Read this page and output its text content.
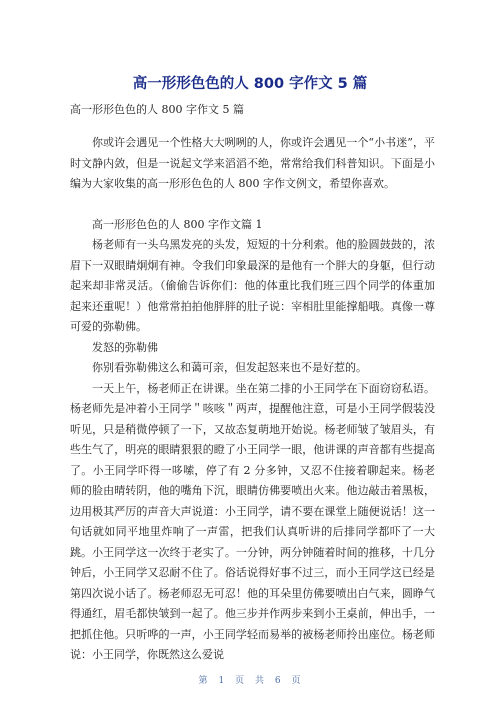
高一形形色色的人 800 字作文 5 篇
高一形形色色的人 800 字作文 5 篇

你或许会遇见一个性格大大咧咧的人，你或许会遇见一个“小书迷”，平时文静内敛，但是一说起文学来滔滔不绝，常常给我们科普知识。下面是小编为大家收集的高一形形色色的人 800 字作文例文，希望你喜欢。

高一形形色色的人 800 字作文篇 1

杨老师有一头乌黑发亮的头发，短短的十分利索。他的脸圆鼓鼓的，浓眉下一双眼睛炯炯有神。令我们印象最深的是他有一个胖大的身躯，但行动起来却非常灵活。（偷偷告诉你们：他的体重比我们班三四个同学的体重加起来还重呢！）他常常拍拍他胖胖的肚子说：宰相肚里能撑船哦。真像一尊可爱的弥勒佛。

发怒的弥勒佛

你别看弥勒佛这么和蔼可亲，但发起怒来也不是好惹的。

一天上午，杨老师正在讲课。坐在第二排的小王同学在下面窃窃私语。杨老师先是冲着小王同学＂咳咳＂两声，提醒他注意，可是小王同学假装没听见，只是稍微停顿了一下，又故态复萌地开始说。杨老师皱了皱眉头，有些生气了，明亮的眼睛狠狠的瞪了小王同学一眼，他讲课的声音都有些提高了。小王同学吓得一哆嗦，停了有 2 分多钟，又忍不住接着聊起来。杨老师的脸由晴转阴，他的嘴角下沉，眼睛仿佛要喷出火来。他边敲击着黑板，边用极其严厉的声音大声说道：小王同学，请不要在课堂上随便说话！这一句话就如同平地里炸响了一声雷，把我们认真听讲的后排同学都吓了一大跳。小王同学这一次终于老实了。一分钟，两分钟随着时间的推移，十几分钟后，小王同学又忍耐不住了。俗话说得好事不过三，而小王同学这已经是第四次说小话了。杨老师忍无可忍！他的耳朵里仿佛要喷出白气来，圆睁气得通红，眉毛都快皱到一起了。他三步并作两步来到小王桌前，伸出手，一把抓住他。只听哗的一声，小王同学轻而易举的被杨老师拎出座位。杨老师说：小王同学，你既然这么爱说

第 1 页 共 6 页
